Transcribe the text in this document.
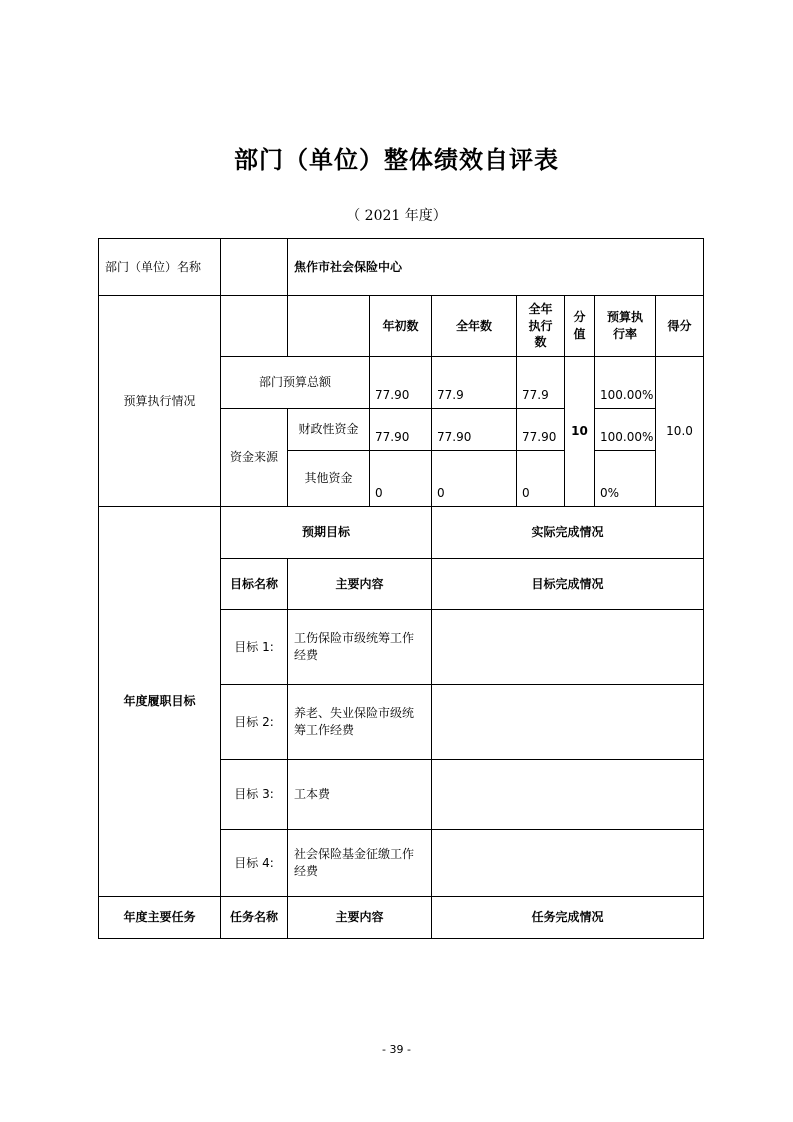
部门（单位）整体绩效自评表
（ 2021 年度）
部门（单位）名称		焦作市社会保险中心						
预算执行情况			年初数	全年数	全年执行数	分值	预算执行率	得分
	部门预算总额		77.90	77.9	77.9	10	100.00%	10.0
	资金来源	财政性资金	77.90	77.90	77.90		100.00%	
		其他资金	0	0	0		0%	
年度履职目标	预期目标			实际完成情况				
	目标名称	主要内容		目标完成情况				
	目标 1:	工伤保险市级统筹工作经费						
	目标 2:	养老、失业保险市级统筹工作经费						
	目标 3:	工本费						
	目标 4:	社会保险基金征缴工作经费						
年度主要任务	任务名称	主要内容		任务完成情况				
- 39 -
